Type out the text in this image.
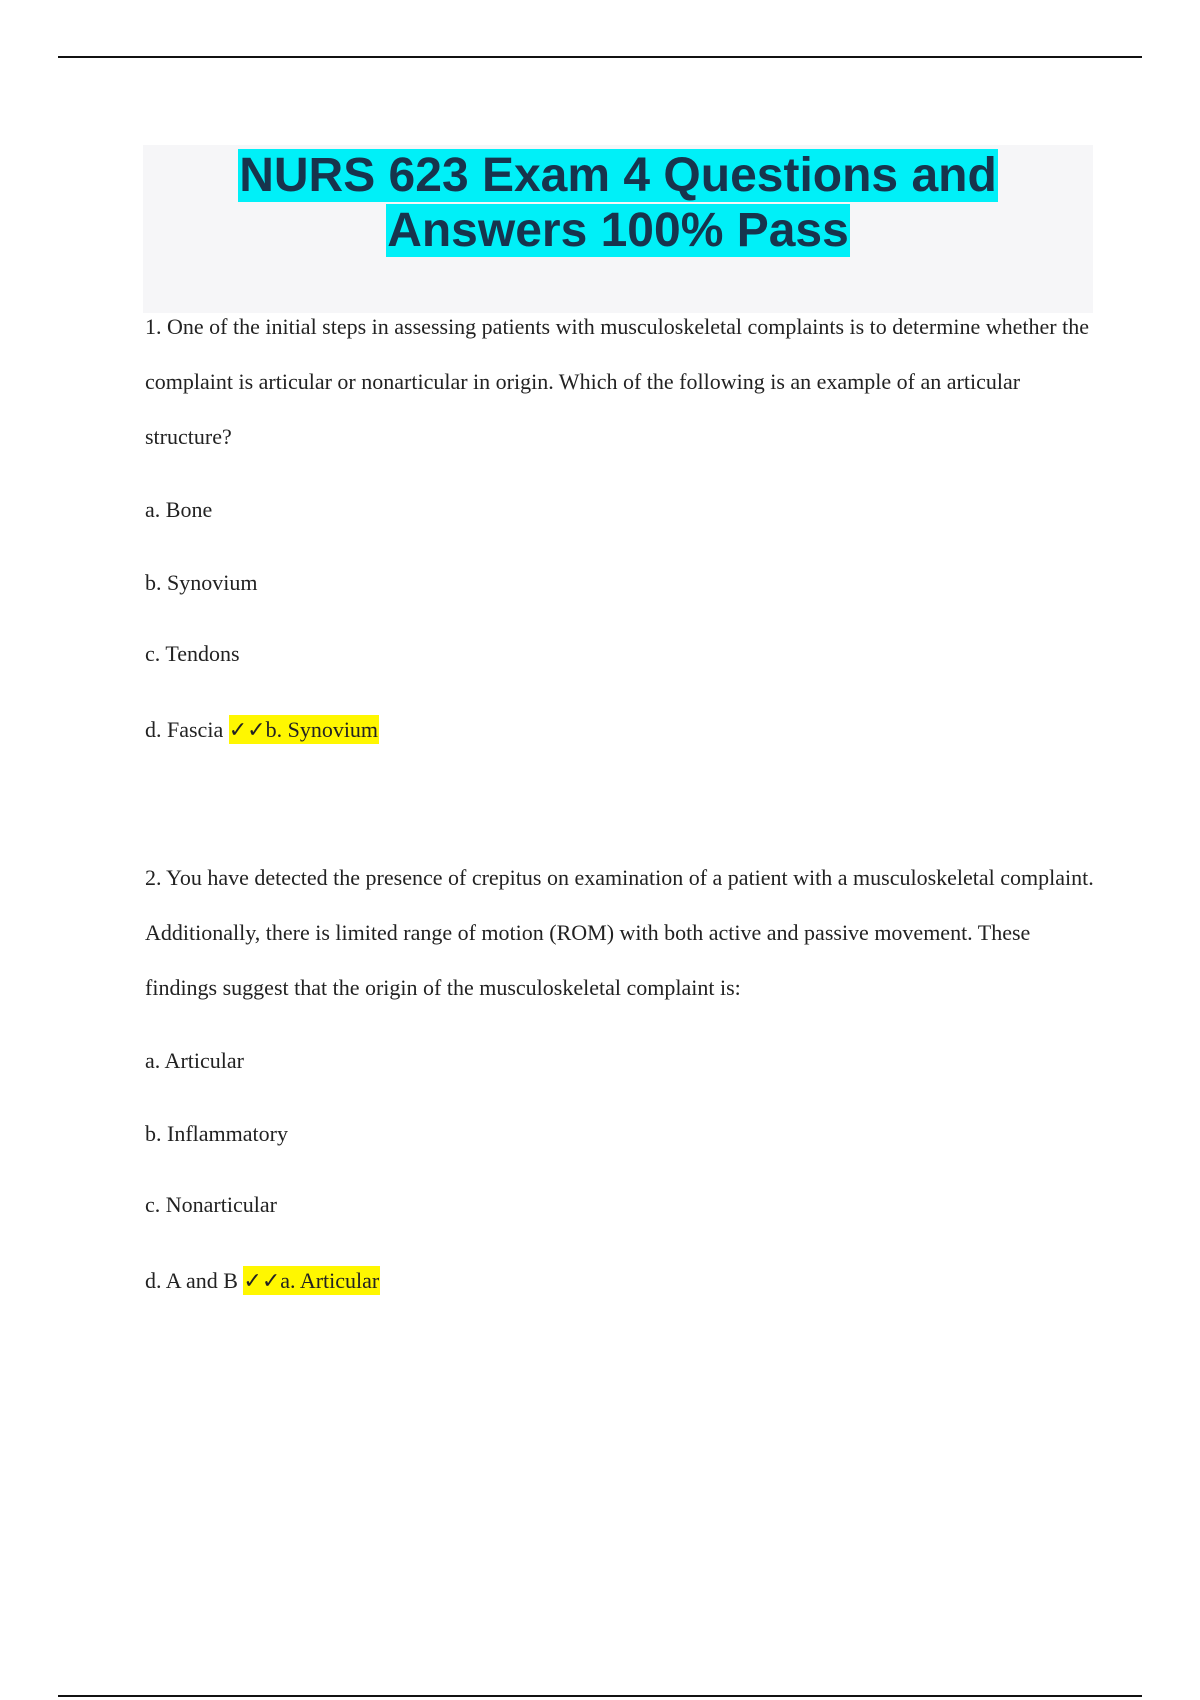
NURS 623 Exam 4 Questions and
Answers 100% Pass

1. One of the initial steps in assessing patients with musculoskeletal complaints is to determine whether the complaint is articular or nonarticular in origin. Which of the following is an example of an articular structure?

a. Bone

b. Synovium

c. Tendons

d. Fascia ✓✓b. Synovium

2. You have detected the presence of crepitus on examination of a patient with a musculoskeletal complaint. Additionally, there is limited range of motion (ROM) with both active and passive movement. These findings suggest that the origin of the musculoskeletal complaint is:

a. Articular

b. Inflammatory

c. Nonarticular

d. A and B ✓✓a. Articular
